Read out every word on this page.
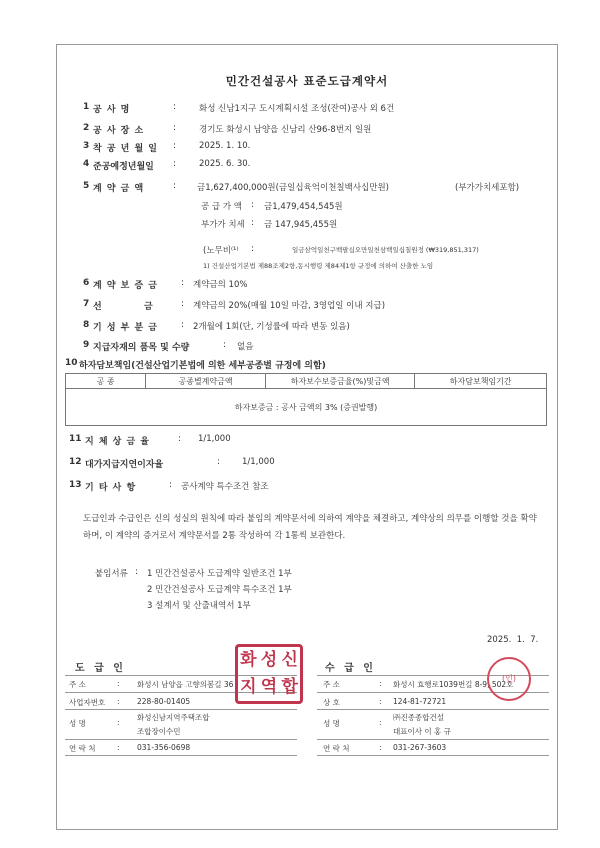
민간건설공사 표준도급계약서
1 공 사 명	:	화성 신남1지구 도시계획시설 조성(잔여)공사 외 6건
2 공 사 장 소	:	경기도 화성시 남양읍 신남리 산96-8번지 일원
3 착 공 년 월 일 :	2025. 1. 10.
4 준공예정년월일 :	2025. 6. 30.
5 계 약 금 액	: 금1,627,400,000원(금일십육억이천칠백사십만원)	(부가가치세포함)
공 급 가 액 : 금1,479,454,545원
부가가 치세 : 금 147,945,455원
(노무비⁽¹⁾ :	일금삼억일천구백팔십오만일천삼백일십칠원정 (₩319,851,317)
1) 건설산업기본법 제88조제2항,동시행령 제84제1항 규정에 의하여 산출한 노임
6 계 약 보 증 금	: 계약금의 10%
7 선          금	: 계약금의 20%(매월 10일 마감, 3영업일 이내 지급)
8 기 성 부 분 금	: 2개월에 1회(단, 기성률에 따라 변동 있음)
9 지급자재의 품목 및 수량	: 없음
10 하자담보책임(건설산업기본법에 의한 세부공종별 규정에 의함)
공 종	공종별계약금액	하자보수보증금율(%)및금액	하자담보책임기간
하자보증금 : 공사 금액의 3% (증권발행)
11 지 체 상 금 율	: 1/1,000
12 대가지급지연이자율	:	1/1,000
13 기 타 사 항	: 공사계약 특수조건 참조
도급인과 수급인은 신의 성실의 원칙에 따라 붙임의 계약문서에 의하여 계약을 체결하고, 계약상의 의무를 이행할 것을 확약하며, 이 계약의 증거로서 계약문서를 2통 작성하여 각 1통씩 보관한다.
붙임서류 : 1 민간건설공사 도급계약 일반조건 1부
2 민간건설공사 도급계약 특수조건 1부
3 설계서 및 산출내역서 1부
2025.  1.  7.
도 급 인
주 소	: 화성시 남양읍 고향의봄길 36
사업자번호 : 228-80-01405
성 명	:
화성신남지역주택조합
조합장이수민
연 락 처	: 031-356-0698
수 급 인
주 소	: 화성시 효행로1039번길 8-9, 502호
상 호	: 124-81-72721
성 명	:
㈜진종종합건설
대표이사 이 홍 규
연 락 처	: 031-267-3603
화 성 신
지 역 합	(인)
